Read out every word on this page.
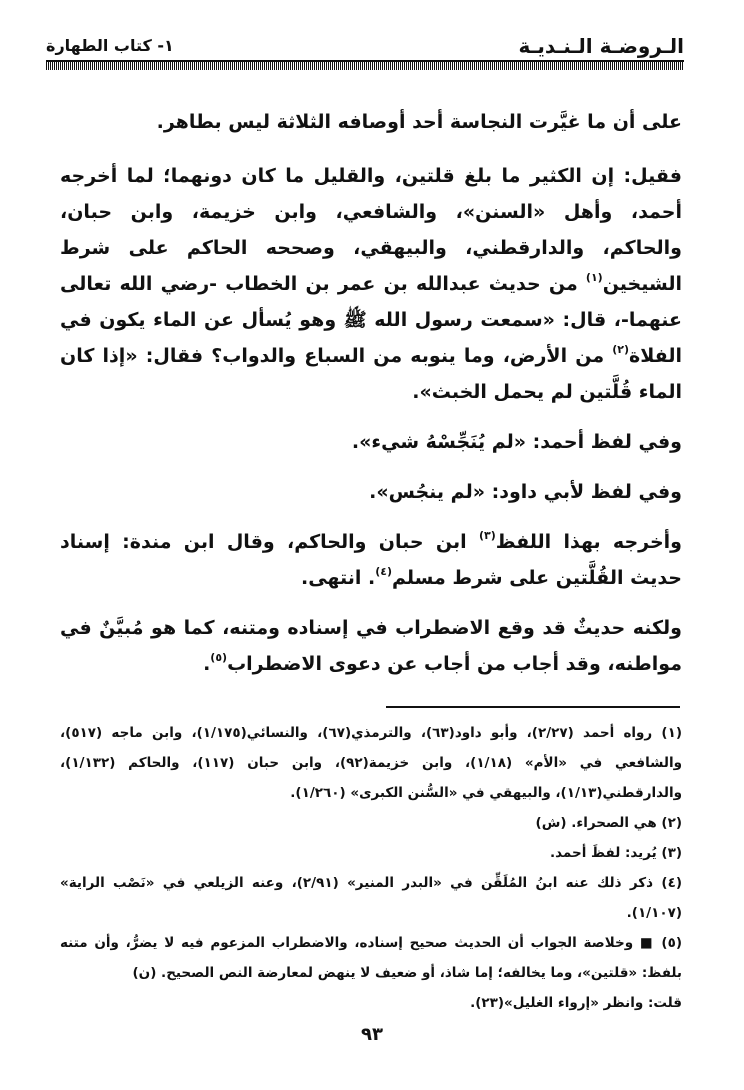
الـروضـة الـنـديـة
١- كتاب الطهارة

على أن ما غيَّرت النجاسة أحد أوصافه الثلاثة ليس بطاهر.

فقيل: إن الكثير ما بلغ قلتين، والقليل ما كان دونهما؛ لما أخرجه أحمد، وأهل «السنن»، والشافعي، وابن خزيمة، وابن حبان، والحاكم، والدارقطني، والبيهقي، وصححه الحاكم على شرط الشيخين$^{(١)}$ من حديث عبدالله بن عمر بن الخطاب -رضي الله تعالى عنهما-، قال: «سمعت رسول الله ﷺ وهو يُسأل عن الماء يكون في الفلاة$^{(٢)}$ من الأرض، وما ينوبه من السباع والدواب؟ فقال: «إذا كان الماء قُلَّتين لم يحمل الخبث».

وفي لفظ أحمد: «لم يُنَجِّسْهُ شيء».

وفي لفظ لأبي داود: «لم ينجُس».

وأخرجه بهذا اللفظ$^{(٣)}$ ابن حبان والحاكم، وقال ابن مندة: إسناد حديث القُلَّتين على شرط مسلم$^{(٤)}$. انتهى.

ولكنه حديثٌ قد وقع الاضطراب في إسناده ومتنه، كما هو مُبيَّنٌ في مواطنه، وقد أجاب من أجاب عن دعوى الاضطراب$^{(٥)}$.

(١) رواه أحمد (٢/٢٧)، وأبو داود(٦٣)، والترمذي(٦٧)، والنسائي(١/١٧٥)، وابن ماجه (٥١٧)، والشافعي في «الأم» (١/١٨)، وابن خزيمة(٩٢)، وابن حبان (١١٧)، والحاكم (١/١٣٢)، والدارقطني(١/١٣)، والبيهقي في «السُّنن الكبرى» (١/٢٦٠).

(٢) هي الصحراء. (ش)

(٣) يُريد: لفظَ أحمد.

(٤) ذكر ذلك عنه ابنُ المُلَقِّن في «البدر المنير» (٢/٩١)، وعنه الزيلعي في «نَصْب الراية» (١/١٠٧).

(٥) ■ وخلاصة الجواب أن الحديث صحيح إسناده، والاضطراب المزعوم فيه لا يضرُّ، وأن متنه بلفظ: «قلتين»، وما يخالفه؛ إما شاذ، أو ضعيف لا ينهض لمعارضة النص الصحيح. (ن)

قلت: وانظر «إرواء الغليل»(٢٣).

٩٣
